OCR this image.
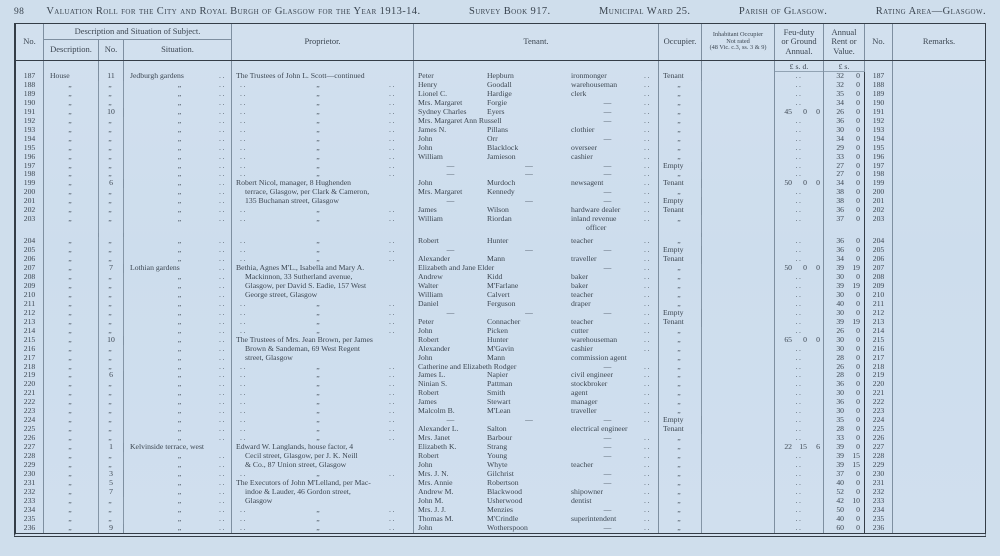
98 Valuation Roll for the City and Royal Burgh of Glasgow for the Year 1913-14.	Survey Book 917.	Municipal Ward 25.	Parish of Glasgow.	Rating Area—Glasgow.
No.
Description and Situation of Subject.
Description.	No.	Situation.
Proprietor.	Tenant.	Occupier.
Inhabitant Occupier
Not rated
(48 Vic. c.3, ss. 3 & 9)
Feu-duty
or Ground
Annual.
Annual
Rent or
Value.
No.	Remarks.
£ s. d.	£ s.
187	House	11	Jedburgh gardens	..	The Trustees of John L. Scott—continued	Peter	Hepburn	ironmonger	..	Tenant	..	32	0	187
188	„	„	„	.. ..	„	..	Henry	Goodall	warehouseman	..	„	..	32	0	188
189	„	„	„	.. ..	„	..	Lionel C.	Hardige	clerk	..	„	..	35	0	189
190	„	„	„	.. ..	„	..	Mrs. Margaret	Forgie	—	..	„	..	34	0	190
191	„	10	„	.. ..	„	..	Sydney Charles	Eyers	—	..	„	45	0	0	26	0	191
192	„	„	„	.. ..	„	..	Mrs. Margaret Ann Russell	—	..	„	..	36	0	192
193	„	„	„	.. ..	„	..	James N.	Pillans	clothier	..	„	..	30	0	193
194	„	„	„	.. ..	„	..	John	Orr	—	..	„	..	34	0	194
195	„	„	„	.. ..	„	..	John	Blacklock	overseer	..	„	..	29	0	195
196	„	„	„	.. ..	„	..	William	Jamieson	cashier	..	„	..	33	0	196
197	„	„	„	.. ..	„	..	—	—	—	..	Empty	..	27	0	197
198	„	„	„	.. ..	„	..	—	—	—	..	„	..	27	0	198
199	„	6	„	..	Robert Nicol, manager, 8 Hughenden	John	Murdoch	newsagent	..	Tenant	50	0	0	34	0	199
200	„	„	„	..	terrace, Glasgow, per Clark & Cameron,	Mrs. Margaret	Kennedy	—	..	„	..	38	0	200
201	„	„	„	..	135 Buchanan street, Glasgow	—	—	—	..	Empty	..	38	0	201
202	„	„	„	.. ..	„	..	James	Wilson	hardware dealer	..	Tenant	..	36	0	202
203	„	„	„	.. ..	„	..	William	Riordan	inland revenue
officer
..	„	..	37	0	203
204	„	„	„	.. ..	„	..	Robert	Hunter	teacher	..	„	..	36	0	204
205	„	„	„	.. ..	„	..	—	—	—	..	Empty	..	36	0	205
206	„	„	„	.. ..	„	..	Alexander	Mann	traveller	..	Tenant	..	34	0	206
207	„	7	Lothian gardens	..	Bethia, Agnes M'L., Isabella and Mary A.	Elizabeth and Jane Elder	—	..	„	50	0	0	39	19	207
208	„	„	„	..	Mackinnon, 33 Sutherland avenue,	Andrew	Kidd	baker	..	„	..	30	0	208
209	„	„	„	..	Glasgow, per David S. Eadie, 157 West	Walter	M'Farlane	baker	..	„	..	39	19	209
210	„	„	„	..	George street, Glasgow	William	Calvert	teacher	..	„	..	30	0	210
211	„	„	„	.. ..	„	..	Daniel	Ferguson	draper	..	„	..	40	0	211
212	„	„	„	.. ..	„	..	—	—	—	..	Empty	..	30	0	212
213	„	„	„	.. ..	„	..	Peter	Connacher	teacher	..	Tenant	..	39	19	213
214	„	„	„	.. ..	„	..	John	Picken	cutter	..	„	..	26	0	214
215	„	10	„	..	The Trustees of Mrs. Jean Brown, per James	Robert	Hunter	warehouseman	..	„	65	0	0	30	0	215
216	„	„	„	..	Brown & Sandeman, 69 West Regent	Alexander	M'Gavin	cashier	..	„	..	30	0	216
217	„	„	„	..	street, Glasgow	John	Mann	commission agent	„	..	28	0	217
218	„	„	„	.. ..	„	..	Catherine and Elizabeth Rodger	—	..	„	..	26	0	218
219	„	6	„	.. ..	„	..	James L.	Napier	civil engineer	..	„	..	28	0	219
220	„	„	„	.. ..	„	..	Ninian S.	Pattman	stockbroker	..	„	..	36	0	220
221	„	„	„	.. ..	„	..	Robert	Smith	agent	..	„	..	30	0	221
222	„	„	„	.. ..	„	..	James	Stewart	manager	..	„	..	36	0	222
223	„	„	„	.. ..	„	..	Malcolm B.	M'Lean	traveller	..	„	..	30	0	223
224	„	„	„	.. ..	„	..	—	—	—	..	Empty	..	35	0	224
225	„	„	„	.. ..	„	..	Alexander L.	Salton	electrical engineer	Tenant	..	28	0	225
226	„	„	„	.. ..	„	..	Mrs. Janet	Barbour	—	..	„	..	33	0	226
227	„	1	Kelvinside terrace, west	Edward W. Langlands, house factor, 4	Elizabeth K.	Strang	—	..	„	22 15	6	39	0	227
228	„	„	„	..	Cecil street, Glasgow, per J. K. Neill	Robert	Young	—	..	„	..	39	15	228
229	„	„	„	..	& Co., 87 Union street, Glasgow	John	Whyte	teacher	..	„	..	39	15	229
230	„	3	„	.. ..	„	..	Mrs. J. N.	Gilchrist	—	..	„	..	37	0	230
231	„	5	„	..	The Executors of John M'Lelland, per Mac-	Mrs. Annie	Robertson	—	..	„	..	40	0	231
232	„	7	„	..	indoe & Lauder, 46 Gordon street,	Andrew M.	Blackwood	shipowner	..	„	..	52	0	232
233	„	„	„	..	Glasgow	John M.	Usherwood	dentist	..	„	..	42	10	233
234	„	„	„	.. ..	„	..	Mrs. J. J.	Menzies	—	..	„	..	50	0	234
235	„	„	„	.. ..	„	..	Thomas M.	M'Crindle	superintendent	..	„	..	40	0	235
236	„	9	„	.. ..	„	..	John	Wotherspoon	—	..	„	..	60	0	236
